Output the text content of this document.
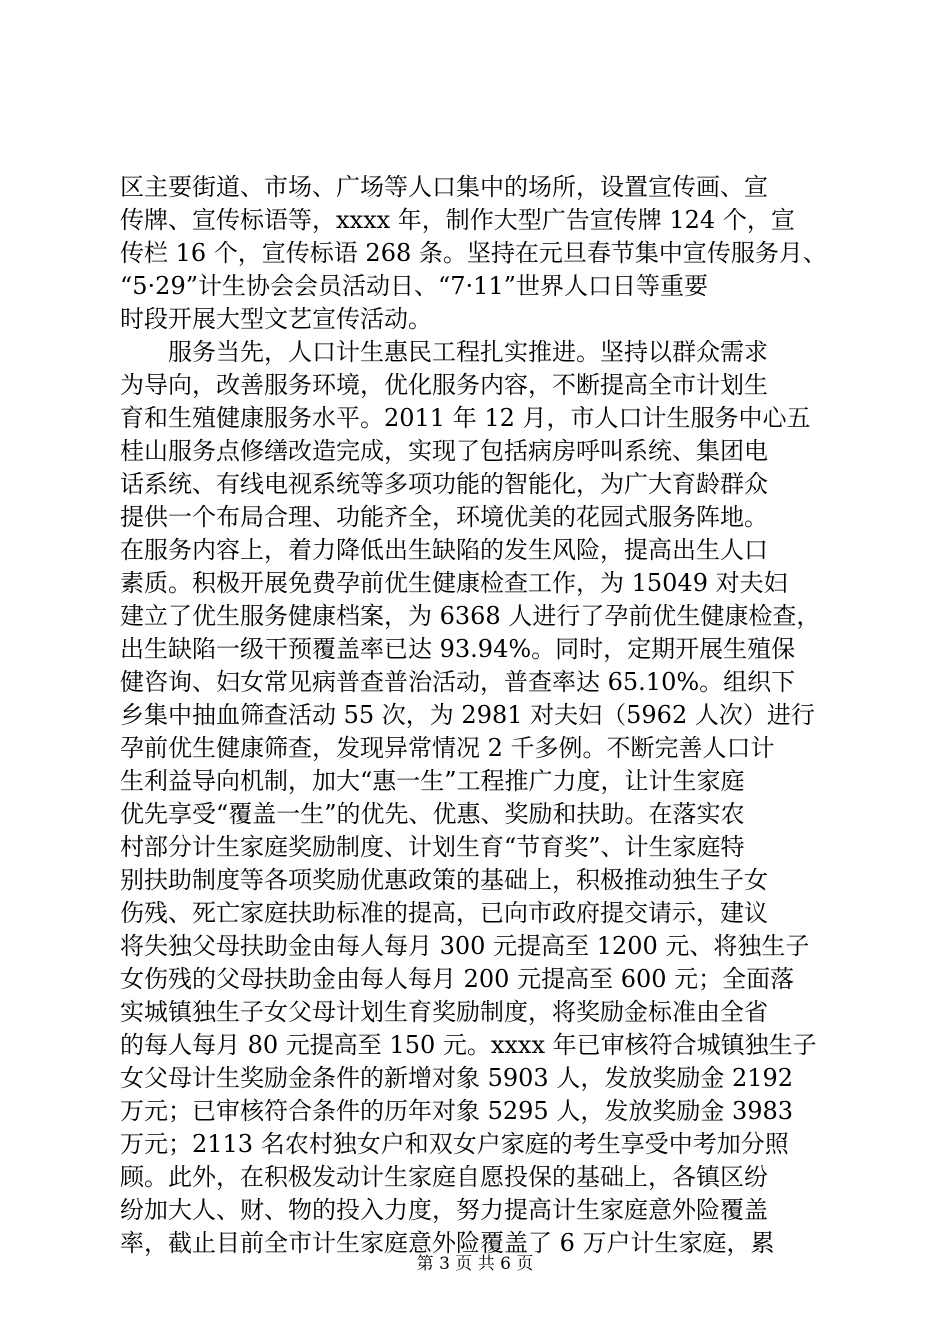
区主要街道、市场、广场等人口集中的场所，设置宣传画、宣
传牌、宣传标语等，xxxx 年，制作大型广告宣传牌 124 个，宣
传栏 16 个，宣传标语 268 条。坚持在元旦春节集中宣传服务月、
“5·29”计生协会会员活动日、“7·11”世界人口日等重要
时段开展大型文艺宣传活动。
服务当先，人口计生惠民工程扎实推进。坚持以群众需求
为导向，改善服务环境，优化服务内容，不断提高全市计划生
育和生殖健康服务水平。2011 年 12 月，市人口计生服务中心五
桂山服务点修缮改造完成，实现了包括病房呼叫系统、集团电
话系统、有线电视系统等多项功能的智能化，为广大育龄群众
提供一个布局合理、功能齐全，环境优美的花园式服务阵地。
在服务内容上，着力降低出生缺陷的发生风险，提高出生人口
素质。积极开展免费孕前优生健康检查工作，为 15049 对夫妇
建立了优生服务健康档案，为 6368 人进行了孕前优生健康检查，
出生缺陷一级干预覆盖率已达 93.94%。同时，定期开展生殖保
健咨询、妇女常见病普查普治活动，普查率达 65.10%。组织下
乡集中抽血筛查活动 55 次，为 2981 对夫妇（5962 人次）进行
孕前优生健康筛查，发现异常情况 2 千多例。不断完善人口计
生利益导向机制，加大“惠一生”工程推广力度，让计生家庭
优先享受“覆盖一生”的优先、优惠、奖励和扶助。在落实农
村部分计生家庭奖励制度、计划生育“节育奖”、计生家庭特
别扶助制度等各项奖励优惠政策的基础上，积极推动独生子女
伤残、死亡家庭扶助标准的提高，已向市政府提交请示，建议
将失独父母扶助金由每人每月 300 元提高至 1200 元、将独生子
女伤残的父母扶助金由每人每月 200 元提高至 600 元；全面落
实城镇独生子女父母计划生育奖励制度，将奖励金标准由全省
的每人每月 80 元提高至 150 元。xxxx 年已审核符合城镇独生子
女父母计生奖励金条件的新增对象 5903 人，发放奖励金 2192
万元；已审核符合条件的历年对象 5295 人，发放奖励金 3983
万元；2113 名农村独女户和双女户家庭的考生享受中考加分照
顾。此外，在积极发动计生家庭自愿投保的基础上，各镇区纷
纷加大人、财、物的投入力度，努力提高计生家庭意外险覆盖
率，截止目前全市计生家庭意外险覆盖了 6 万户计生家庭，累
第 3 页 共 6 页
